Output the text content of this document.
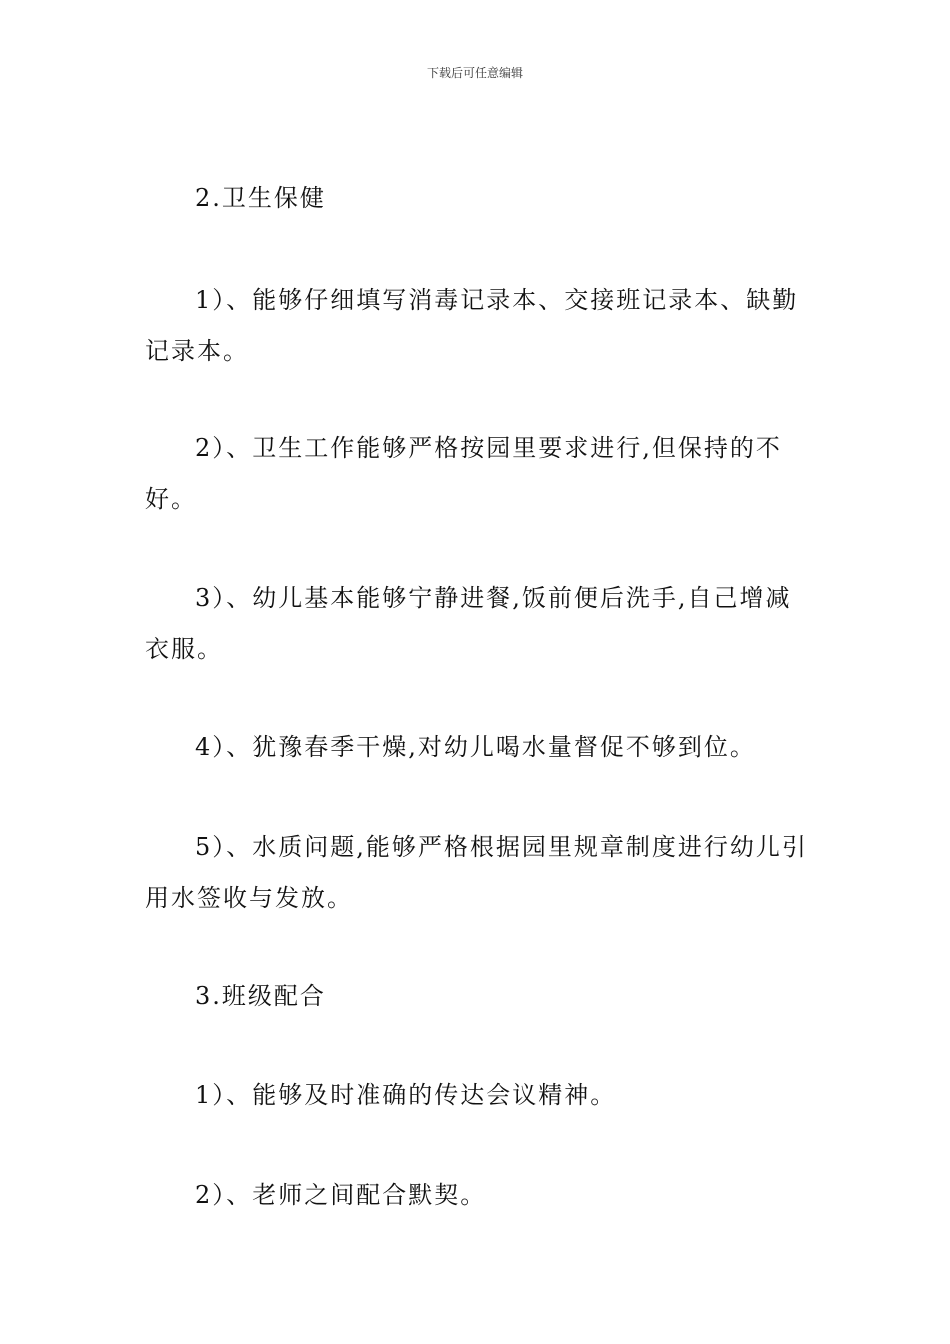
下载后可任意编辑
2.卫生保健
1）、能够仔细填写消毒记录本、交接班记录本、缺勤记录本。
2）、卫生工作能够严格按园里要求进行,但保持的不好。
3）、幼儿基本能够宁静进餐,饭前便后洗手,自己增减衣服。
4）、犹豫春季干燥,对幼儿喝水量督促不够到位。
5）、水质问题,能够严格根据园里规章制度进行幼儿引用水签收与发放。
3.班级配合
1）、能够及时准确的传达会议精神。
2）、老师之间配合默契。
